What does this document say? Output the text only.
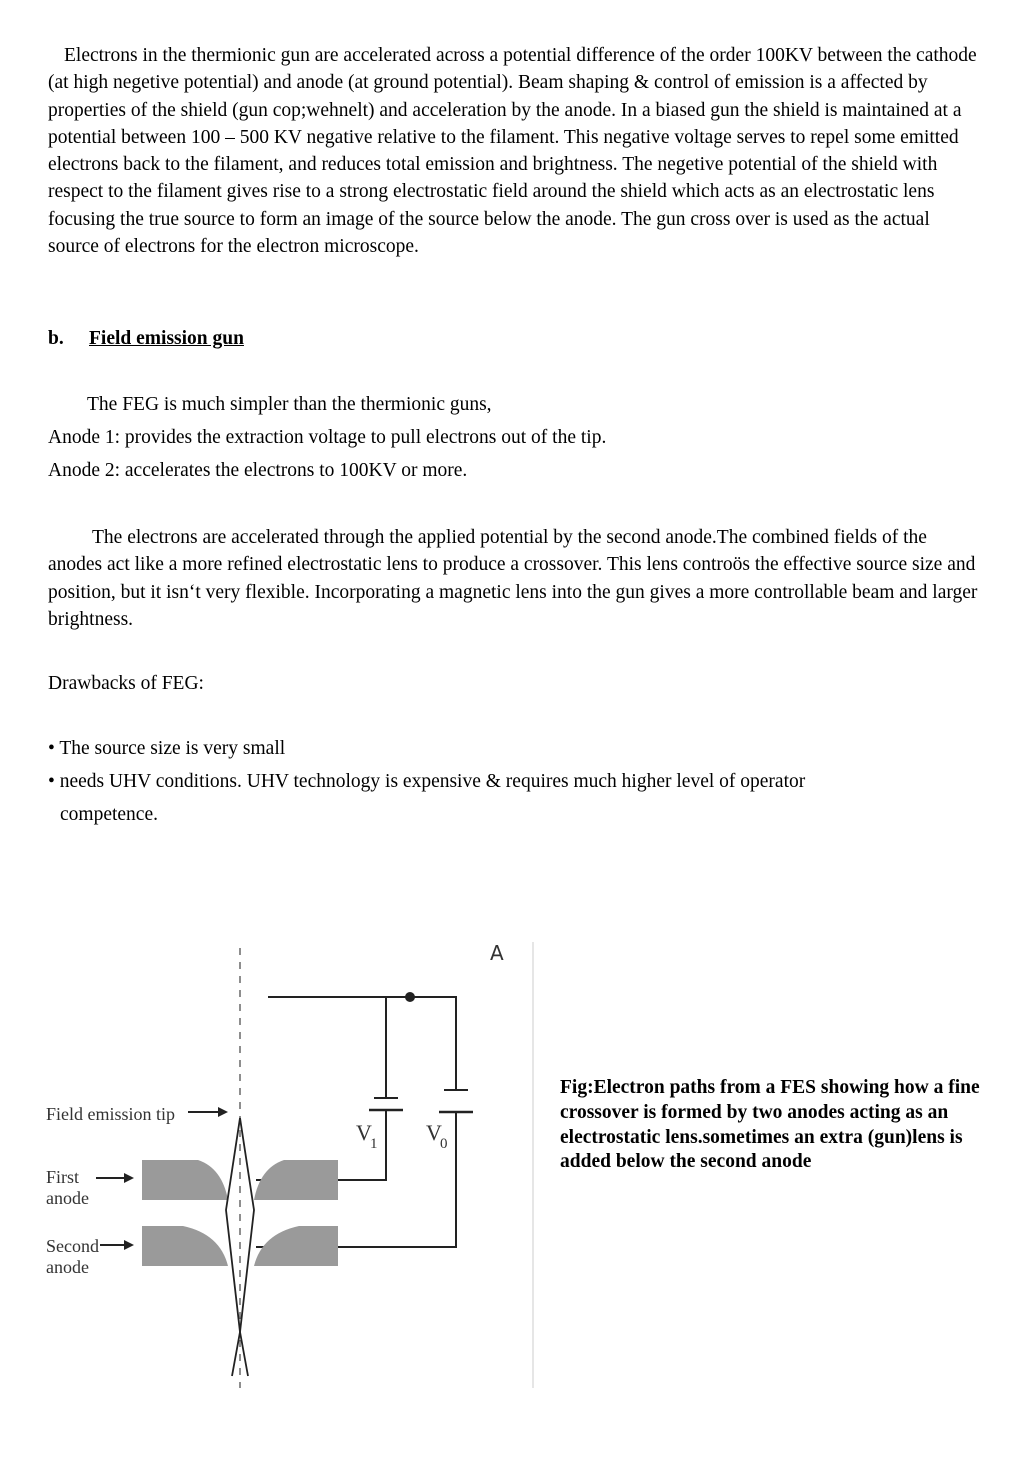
Electrons in the thermionic gun are accelerated across a potential difference of the order 100KV between the cathode (at high negetive potential) and anode (at ground potential). Beam shaping & control of emission is a affected by properties of the shield (gun cop;wehnelt) and acceleration by the anode. In a biased gun the shield is maintained at a potential between 100 – 500 KV negative relative to the filament. This negative voltage serves to repel some emitted electrons back to the filament, and reduces total emission and brightness. The negetive potential of the shield with respect to the filament gives rise to a strong electrostatic field around the shield which acts as an electrostatic lens focusing the true source to form an image of the source below the anode. The gun cross over is used as the actual source of electrons for the electron microscope.

b. Field emission gun

The FEG is much simpler than the thermionic guns,

Anode 1: provides the extraction voltage to pull electrons out of the tip.

Anode 2: accelerates the electrons to 100KV or more.

The electrons are accelerated through the applied potential by the second anode.The combined fields of the anodes act like a more refined electrostatic lens to produce a crossover. This lens controös the effective source size and position, but it isn‘t very flexible. Incorporating a magnetic lens into the gun gives a more controllable beam and larger brightness.

Drawbacks of FEG:

• The source size is very small

• needs UHV conditions. UHV technology is expensive & requires much higher level of operator

competence.

A
Field emission tip
First
anode
Second
anode
V
1 V
0

Fig:Electron paths from a FES showing how a fine crossover is formed by two anodes acting as an electrostatic lens.sometimes an extra (gun)lens is added below the second anode
